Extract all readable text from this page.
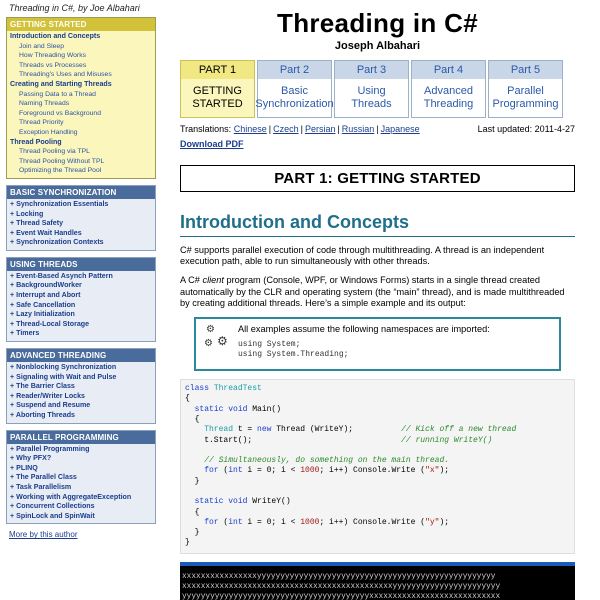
Threading in C#, by Joe Albahari
GETTING STARTED
Introduction and Concepts
Join and Sleep
How Threading Works
Threads vs Processes
Threading's Uses and Misuses
Creating and Starting Threads
Passing Data to a Thread
Naming Threads
Foreground vs Background
Thread Priority
Exception Handling
Thread Pooling
Thread Pooling via TPL
Thread Pooling Without TPL
Optimizing the Thread Pool
BASIC SYNCHRONIZATION
+ Synchronization Essentials
+ Locking
+ Thread Safety
+ Event Wait Handles
+ Synchronization Contexts
USING THREADS
+ Event-Based Asynch Pattern
+ BackgroundWorker
+ Interrupt and Abort
+ Safe Cancellation
+ Lazy Initialization
+ Thread-Local Storage
+ Timers
ADVANCED THREADING
+ Nonblocking Synchronization
+ Signaling with Wait and Pulse
+ The Barrier Class
+ Reader/Writer Locks
+ Suspend and Resume
+ Aborting Threads
PARALLEL PROGRAMMING
+ Parallel Programming
+ Why PFX?
+ PLINQ
+ The Parallel Class
+ Task Parallelism
+ Working with AggregateException
+ Concurrent Collections
+ SpinLock and SpinWait
More by this author
Threading in C#
Joseph Albahari
PART 1
GETTING STARTED
Part 2
Basic Synchronization
Part 3
Using Threads
Part 4
Advanced Threading
Part 5
Parallel Programming
Translations: Chinese | Czech | Persian | Russian | Japanese	Last updated: 2011-4-27
Download PDF
PART 1: GETTING STARTED
Introduction and Concepts
C# supports parallel execution of code through multithreading. A thread is an independent execution path, able to run simultaneously with other threads.
A C# client program (Console, WPF, or Windows Forms) starts in a single thread created automatically by the CLR and operating system (the “main” thread), and is made multithreaded by creating additional threads. Here’s a simple example and its output:
⚙
⚙
⚙
All examples assume the following namespaces are imported:
using System;
using System.Threading;
class ThreadTest
{
static void Main()
{
Thread t = new Thread (WriteY);          // Kick off a new thread
t.Start();                               // running WriteY()

// Simultaneously, do something on the main thread.
for (int i = 0; i < 1000; i++) Console.Write ("x");
}

static void WriteY()
{
for (int i = 0; i < 1000; i++) Console.Write ("y");
}
}
xxxxxxxxxxxxxxxxyyyyyyyyyyyyyyyyyyyyyyyyyyyyyyyyyyyyyyyyyyyyyyyyyyy
xxxxxxxxxxxxxxxxxxxxxxxxxxxxxxxxxxxxxxxxxxxxxyyyyyyyyyyyyyyyyyyyyyyy
yyyyyyyyyyyyyyyyyyyyyyyyyyyyyyyyyyyyyyyyxxxxxxxxxxxxxxxxxxxxxxxxxxxx
